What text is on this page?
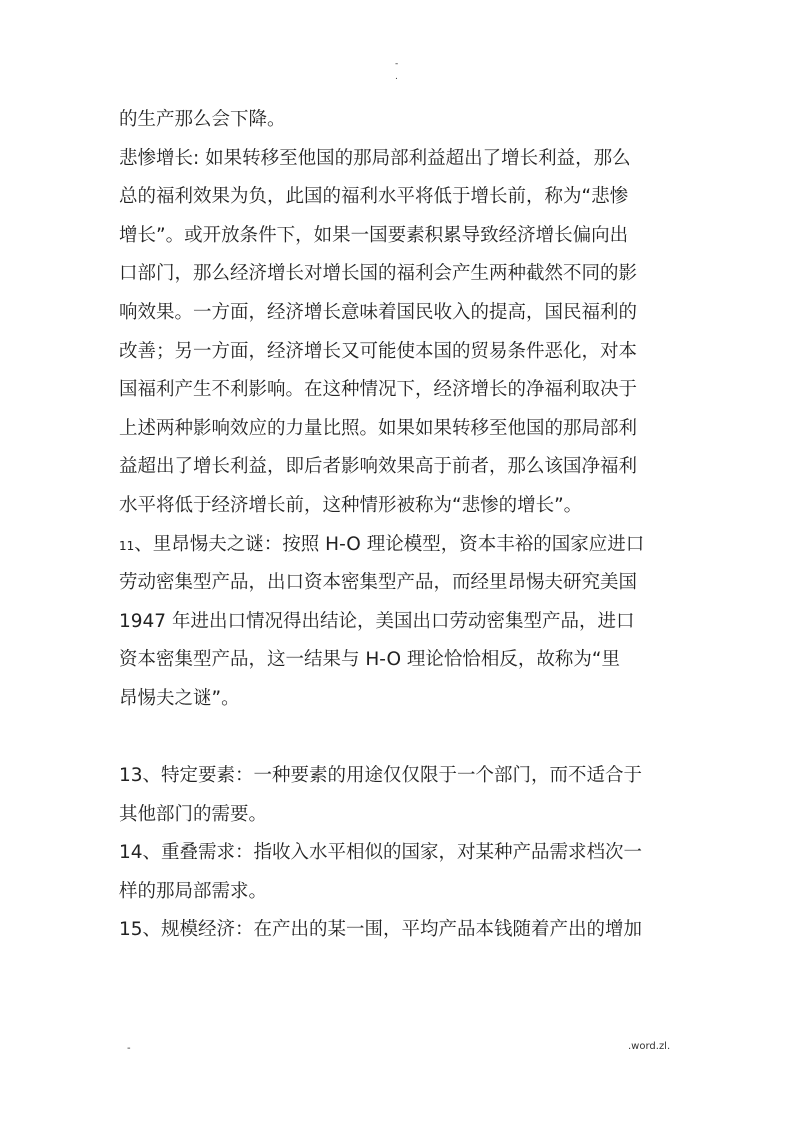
-
.
的生产那么会下降。
悲惨增长: 如果转移至他国的那局部利益超出了增长利益，那么
总的福利效果为负，此国的福利水平将低于增长前，称为“悲惨
增长”。或开放条件下，如果一国要素积累导致经济增长偏向出
口部门，那么经济增长对增长国的福利会产生两种截然不同的影
响效果。一方面，经济增长意味着国民收入的提高，国民福利的
改善；另一方面，经济增长又可能使本国的贸易条件恶化，对本
国福利产生不利影响。在这种情况下，经济增长的净福利取决于
上述两种影响效应的力量比照。如果如果转移至他国的那局部利
益超出了增长利益，即后者影响效果高于前者，那么该国净福利
水平将低于经济增长前，这种情形被称为“悲惨的增长”。
11、里昂惕夫之谜：按照 H-O 理论模型，资本丰裕的国家应进口
劳动密集型产品，出口资本密集型产品，而经里昂惕夫研究美国
1947 年进出口情况得出结论，美国出口劳动密集型产品，进口
资本密集型产品，这一结果与 H-O 理论恰恰相反，故称为“里
昂惕夫之谜”。
13、特定要素：一种要素的用途仅仅限于一个部门，而不适合于
其他部门的需要。
14、重叠需求：指收入水平相似的国家，对某种产品需求档次一
样的那局部需求。
15、规模经济：在产出的某一围，平均产品本钱随着产出的增加
-	.word.zl.
